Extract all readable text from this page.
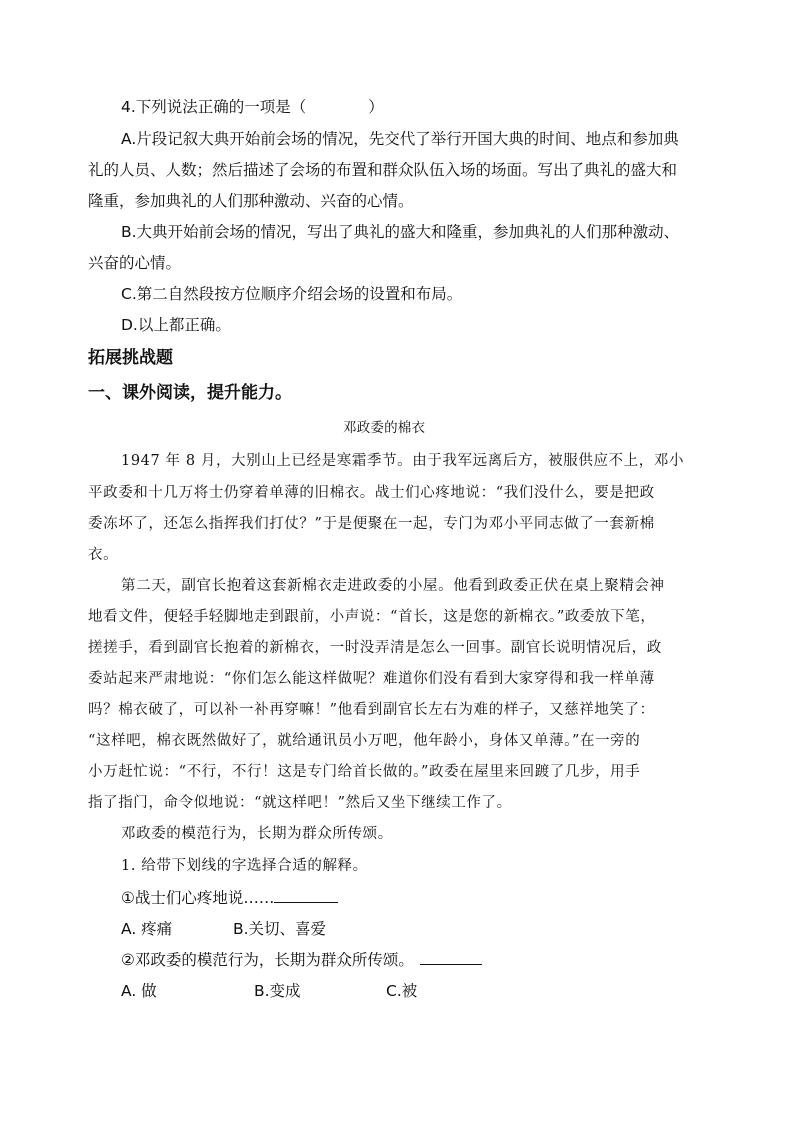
4.下列说法正确的一项是（　　　　）
A.片段记叙大典开始前会场的情况，先交代了举行开国大典的时间、地点和参加典
礼的人员、人数；然后描述了会场的布置和群众队伍入场的场面。写出了典礼的盛大和
隆重，参加典礼的人们那种激动、兴奋的心情。
B.大典开始前会场的情况，写出了典礼的盛大和隆重，参加典礼的人们那种激动、
兴奋的心情。
C.第二自然段按方位顺序介绍会场的设置和布局。
D.以上都正确。
拓展挑战题
一、课外阅读，提升能力。
邓政委的棉衣
1947 年 8 月，大别山上已经是寒霜季节。由于我军远离后方，被服供应不上，邓小
平政委和十几万将士仍穿着单薄的旧棉衣。战士们心疼地说：“我们没什么，要是把政
委冻坏了，还怎么指挥我们打仗？”于是便聚在一起，专门为邓小平同志做了一套新棉
衣。
第二天，副官长抱着这套新棉衣走进政委的小屋。他看到政委正伏在桌上聚精会神
地看文件，便轻手轻脚地走到跟前，小声说：“首长，这是您的新棉衣。”政委放下笔，
搓搓手，看到副官长抱着的新棉衣，一时没弄清是怎么一回事。副官长说明情况后，政
委站起来严肃地说：“你们怎么能这样做呢？难道你们没有看到大家穿得和我一样单薄
吗？棉衣破了，可以补一补再穿嘛！”他看到副官长左右为难的样子，又慈祥地笑了：
“这样吧，棉衣既然做好了，就给通讯员小万吧，他年龄小，身体又单薄。”在一旁的
小万赶忙说：“不行，不行！这是专门给首长做的。”政委在屋里来回踱了几步，用手
指了指门，命令似地说：“就这样吧！”然后又坐下继续工作了。
邓政委的模范行为，长期为群众所传颂。
1. 给带下划线的字选择合适的解释。
①战士们心疼地说……
A. 疼痛	B.关切、喜爱
②邓政委的模范行为，长期为群众所传颂。
A. 做	B.变成	C.被
